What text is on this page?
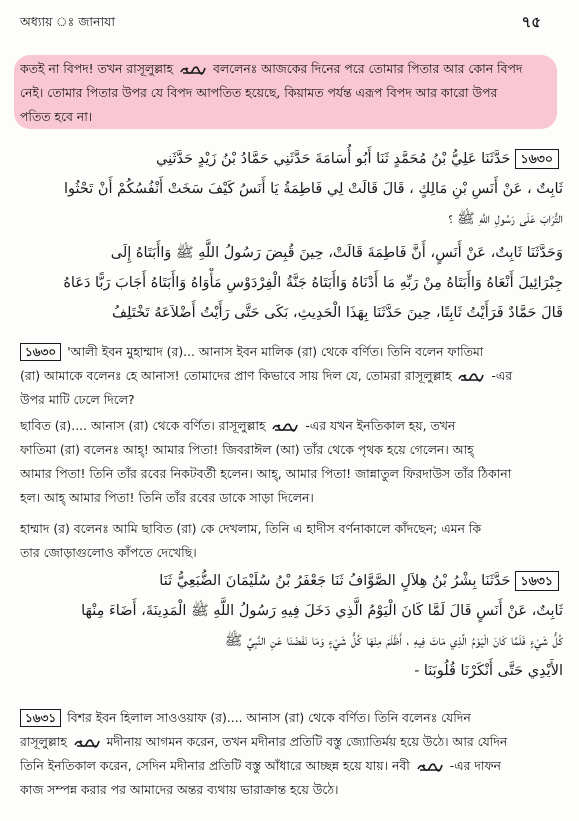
অধ্যায় ঃ জানাযা	৭৫
কতই না বিপদ! তখন রাসূলুল্লাহ	বললেনঃ আজকের দিনের পরে তোমার পিতার আর কোন বিপদ
নেই। তোমার পিতার উপর যে বিপদ আপতিত হয়েছে, কিয়ামত পর্যন্ত এরূপ বিপদ আর কারো উপর
পতিত হবে না।
১৬৩০حَدَّثَنَا عَلِيُّ بْنُ مُحَمَّدٍ ثَنَا أَبُو أُسَامَةَ حَدَّثَنِي حَمَّادُ بْنُ زَيْدٍ حَدَّثَنِي
ثَابِتٌ ، عَنْ أَنَسِ بْنِ مَالِكٍ ، قَالَ قَالَتْ لِي فَاطِمَةُ يَا أَنَسُ كَيْفَ سَخَتْ أَنْفُسُكُمْ أَنْ تَحْثُوا
التُّرَابَ عَلَى رَسُولِ اللَّهِ ﷺ ؟
وَحَدَّثَنَا ثَابِتٌ، عَنْ أَنَسٍ، أَنَّ فَاطِمَةَ قَالَتْ، حِينَ قُبِضَ رَسُولُ اللَّهِ ﷺ وَاأَبَتَاهُ إِلَى
جِبْرَائِيلَ أَنْعَاهُ وَاأَبَتَاهُ مِنْ رَبِّهِ مَا أَدْنَاهُ وَاأَبَتَاهُ جَنَّةُ الْفِرْدَوْسِ مَأْوَاهُ وَاأَبَتَاهُ أَجَابَ رَبًّا دَعَاهُ
قَالَ حَمَّادٌ فَرَأَيْتُ ثَابِتًا، حِينَ حَدَّثَنَا بِهَذَا الْحَدِيثِ، بَكَى حَتَّى رَأَيْتُ أَضْلاَعَهُ تَخْتَلِفُ
১৬৩০ 'আলী ইবন মুহাম্মাদ (র)... আনাস ইবন মালিক (রা) থেকে বর্ণিত। তিনি বলেন ফাতিমা
(রা) আমাকে বলেনঃ হে আনাস! তোমাদের প্রাণ কিভাবে সায় দিল যে, তোমরা রাসূলুল্লাহ	-এর
উপর মাটি ঢেলে দিলে?
ছাবিত (র).... আনাস (রা) থেকে বর্ণিত। রাসূলুল্লাহ	-এর যখন ইনতিকাল হয়, তখন
ফাতিমা (রা) বলেনঃ আহ্! আমার পিতা! জিবরাঈল (আ) তাঁর থেকে পৃথক হয়ে গেলেন। আহ্
আমার পিতা! তিনি তাঁর রবের নিকটবর্তী হলেন। আহ্, আমার পিতা! জান্নাতুল ফিরদাউস তাঁর ঠিকানা
হল। আহ্ আমার পিতা! তিনি তাঁর রবের ডাকে সাড়া দিলেন।
হাম্মাদ (র) বলেনঃ আমি ছাবিত (রা) কে দেখলাম, তিনি এ হাদীস বর্ণনাকালে কাঁদছেন; এমন কি
তার জোড়াগুলোও কাঁপতে দেখেছি।
১৬৩১حَدَّثَنَا بِشْرُ بْنُ هِلاَلٍ الصَّوَّافُ ثَنَا جَعْفَرُ بْنُ سُلَيْمَانَ الضُّبَعِيُّ ثَنَا
ثَابِتٌ، عَنْ أَنَسٍ قَالَ لَمَّا كَانَ الْيَوْمُ الَّذِي دَخَلَ فِيهِ رَسُولُ اللَّهِ ﷺ الْمَدِينَةَ، أَضَاءَ مِنْهَا
كُلُّ شَيْءٍ فَلَمَّا كَانَ الْيَوْمُ الَّذِي مَاتَ فِيهِ ، أَظْلَمَ مِنْهَا كُلُّ شَيْءٍ وَمَا نَفَضْنَا عَنِ النَّبِيِّ ﷺ
الأَيْدِي حَتَّى أَنْكَرْنَا قُلُوبَنَا -
১৬৩১ বিশর ইবন হিলাল সাওওয়াফ (র).... আনাস (রা) থেকে বর্ণিত। তিনি বলেনঃ যেদিন
রাসূলুল্লাহ	মদীনায় আগমন করেন, তখন মদীনার প্রতিটি বস্তু জ্যোতির্ময় হয়ে উঠে। আর যেদিন
তিনি ইনতিকাল করেন, সেদিন মদীনার প্রতিটি বস্তু আঁধারে আচ্ছন্ন হয়ে যায়। নবী	-এর দাফন
কাজ সম্পন্ন করার পর আমাদের অন্তর ব্যথায় ভারাক্রান্ত হয়ে উঠে।
